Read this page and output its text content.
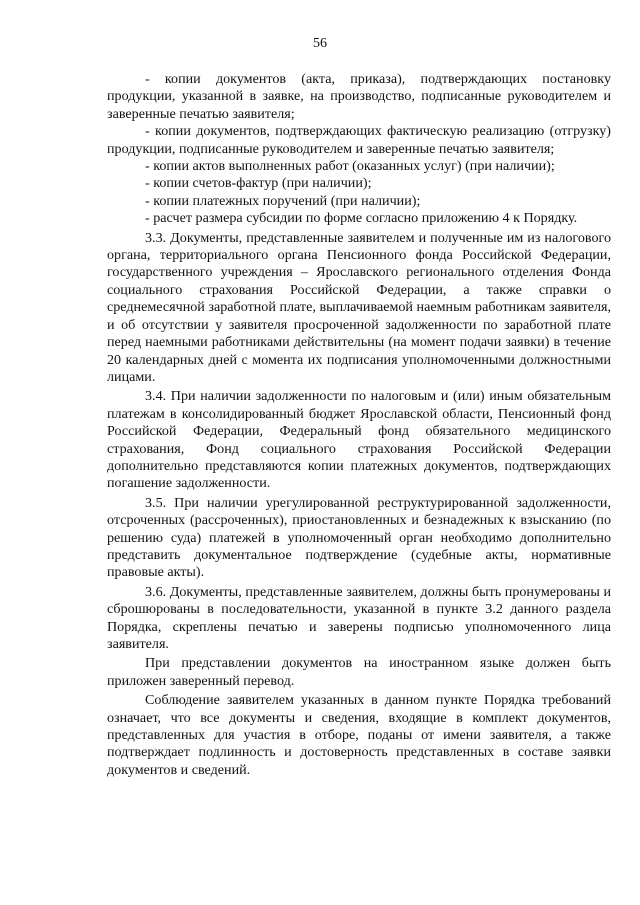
56

- копии документов (акта, приказа), подтверждающих постановку продукции, указанной в заявке, на производство, подписанные руководителем и заверенные печатью заявителя;

- копии документов, подтверждающих фактическую реализацию (отгрузку) продукции, подписанные руководителем и заверенные печатью заявителя;

- копии актов выполненных работ (оказанных услуг) (при наличии);

- копии счетов-фактур (при наличии);

- копии платежных поручений (при наличии);

- расчет размера субсидии по форме согласно приложению 4 к Порядку.

3.3. Документы, представленные заявителем и полученные им из налогового органа, территориального органа Пенсионного фонда Российской Федерации, государственного учреждения – Ярославского регионального отделения Фонда социального страхования Российской Федерации, а также справки о среднемесячной заработной плате, выплачиваемой наемным работникам заявителя, и об отсутствии у заявителя просроченной задолженности по заработной плате перед наемными работниками действительны (на момент подачи заявки) в течение 20 календарных дней с момента их подписания уполномоченными должностными лицами.

3.4. При наличии задолженности по налоговым и (или) иным обязательным платежам в консолидированный бюджет Ярославской области, Пенсионный фонд Российской Федерации, Федеральный фонд обязательного медицинского страхования, Фонд социального страхования Российской Федерации дополнительно представляются копии платежных документов, подтверждающих погашение задолженности.

3.5. При наличии урегулированной реструктурированной задолженности, отсроченных (рассроченных), приостановленных и безнадежных к взысканию (по решению суда) платежей в уполномоченный орган необходимо дополнительно представить документальное подтверждение (судебные акты, нормативные правовые акты).

3.6. Документы, представленные заявителем, должны быть пронумерованы и сброшюрованы в последовательности, указанной в пункте 3.2 данного раздела Порядка, скреплены печатью и заверены подписью уполномоченного лица заявителя.

При представлении документов на иностранном языке должен быть приложен заверенный перевод.

Соблюдение заявителем указанных в данном пункте Порядка требований означает, что все документы и сведения, входящие в комплект документов, представленных для участия в отборе, поданы от имени заявителя, а также подтверждает подлинность и достоверность представленных в составе заявки документов и сведений.
